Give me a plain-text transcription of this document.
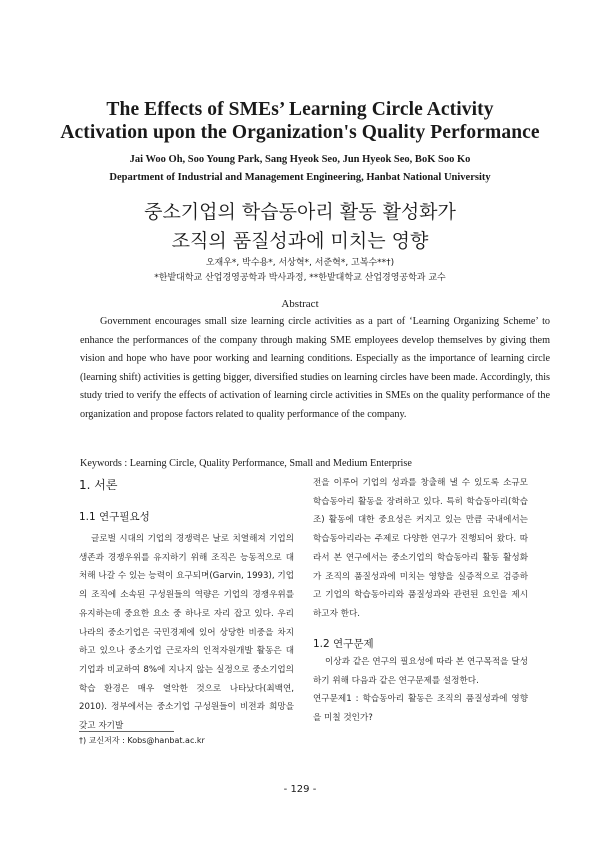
The Effects of SMEs’ Learning Circle Activity
Activation upon the Organization's Quality Performance
Jai Woo Oh, Soo Young Park, Sang Hyeok Seo, Jun Hyeok Seo, BoK Soo Ko
Department of Industrial and Management Engineering, Hanbat National University
중소기업의 학습동아리 활동 활성화가
조직의 품질성과에 미치는 영향
오재우*, 박수용*, 서상혁*, 서준혁*, 고복수**†)
*한밭대학교 산업경영공학과 박사과정, **한밭대학교 산업경영공학과 교수
Abstract
Government encourages small size learning circle activities as a part of ‘Learning Organizing Scheme’ to enhance the performances of the company through making SME employees develop themselves by giving them vision and hope who have poor working and learning conditions. Especially as the importance of learning circle (learning shift) activities is getting bigger, diversified studies on learning circles have been made. Accordingly, this study tried to verify the effects of activation of learning circle activities in SMEs on the quality performance of the organization and propose factors related to quality performance of the company.
Keywords : Learning Circle, Quality Performance, Small and Medium Enterprise
1. 서론
1.1 연구필요성

글로벌 시대의 기업의 경쟁력은 날로 치열해져 기업의 생존과 경쟁우위를 유지하기 위해 조직은 능동적으로 대처해 나갈 수 있는 능력이 요구되며(Garvin, 1993), 기업의 조직에 소속된 구성원들의 역량은 기업의 경쟁우위를 유지하는데 중요한 요소 중 하나로 자리 잡고 있다. 우리나라의 중소기업은 국민경제에 있어 상당한 비중을 차지하고 있으나 중소기업 근로자의 인적자원개발 활동은 대기업과 비교하여 8%에 지나지 않는 실정으로 중소기업의 학습 환경은 매우 열악한 것으로 나타났다(최백연, 2010). 정부에서는 중소기업 구성원들이 비전과 희망을 갖고 자기발

전을 이루어 기업의 성과를 창출해 낼 수 있도록 소규모 학습동아리 활동을 장려하고 있다. 특히 학습동아리(학습조) 활동에 대한 중요성은 커지고 있는 만큼 국내에서는 학습동아리라는 주제로 다양한 연구가 진행되어 왔다. 따라서 본 연구에서는 중소기업의 학습동아리 활동 활성화가 조직의 품질성과에 미치는 영향을 실증적으로 검증하고 기업의 학습동아리와 품질성과와 관련된 요인을 제시하고자 한다.

1.2 연구문제

이상과 같은 연구의 필요성에 따라 본 연구목적을 달성하기 위해 다음과 같은 연구문제를 설정한다.

연구문제1 : 학습동아리 활동은 조직의 품질성과에 영향을 미칠 것인가?

†) 교신저자 : Kobs@hanbat.ac.kr
- 129 -
